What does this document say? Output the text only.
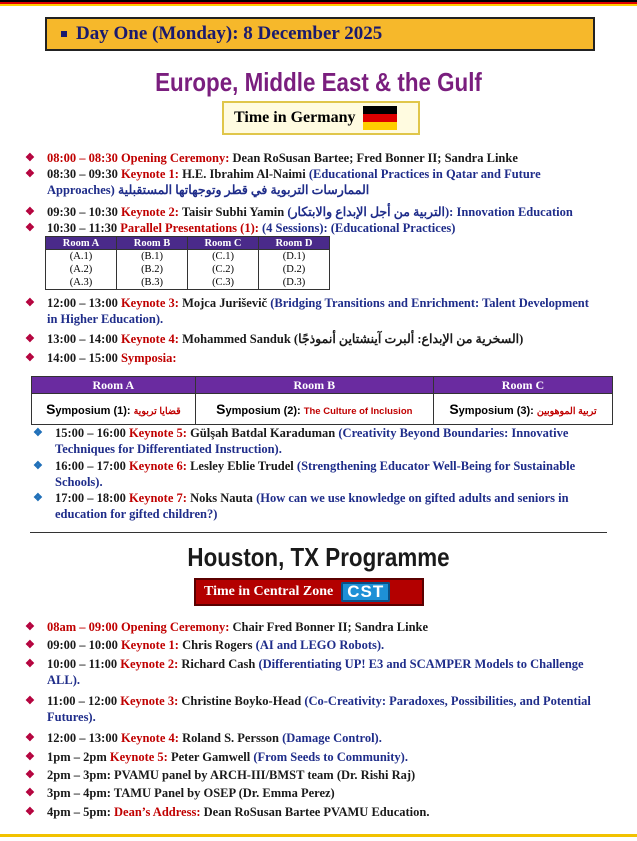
Day One (Monday): 8 December 2025
Europe, Middle East & the Gulf
Time in Germany
❖ 08:00 – 08:30 Opening Ceremony: Dean RoSusan Bartee; Fred Bonner II; Sandra Linke
❖ 08:30 – 09:30 Keynote 1: H.E. Ibrahim Al-Naimi (Educational Practices in Qatar and Future Approaches) الممارسات التربوية في قطر وتوجهاتها المستقبلية
❖ 09:30 – 10:30 Keynote 2: Taisir Subhi Yamin (التربية من أجل الإبداع والابتكار): Innovation Education
❖ 10:30 – 11:30 Parallel Presentations (1): (4 Sessions): (Educational Practices)
Room A	Room B	Room C	Room D
(A.1)	(B.1)	(C.1)	(D.1)
(A.2)	(B.2)	(C.2)	(D.2)
(A.3)	(B.3)	(C.3)	(D.3)
❖ 12:00 – 13:00 Keynote 3: Mojca Juriševič (Bridging Transitions and Enrichment: Talent Development in Higher Education).
❖ 13:00 – 14:00 Keynote 4: Mohammed Sanduk (السخرية من الإبداع: ألبرت آينشتاين أنموذجًا)
❖ 14:00 – 15:00 Symposia:
Room A	Room B	Room C
Symposium (1): قضايا تربوية	Symposium (2): The Culture of Inclusion	Symposium (3): تربية الموهوبين
❖ 15:00 – 16:00 Keynote 5: Gülşah Batdal Karaduman (Creativity Beyond Boundaries: Innovative Techniques for Differentiated Instruction).
❖ 16:00 – 17:00 Keynote 6: Lesley Eblie Trudel (Strengthening Educator Well-Being for Sustainable Schools).
❖ 17:00 – 18:00 Keynote 7: Noks Nauta (How can we use knowledge on gifted adults and seniors in education for gifted children?)
Houston, TX Programme
Time in Central Zone CST
❖ 08am – 09:00 Opening Ceremony: Chair Fred Bonner II; Sandra Linke
❖ 09:00 – 10:00 Keynote 1: Chris Rogers (AI and LEGO Robots).
❖ 10:00 – 11:00 Keynote 2: Richard Cash (Differentiating UP! E3 and SCAMPER Models to Challenge ALL).
❖ 11:00 – 12:00 Keynote 3: Christine Boyko-Head (Co-Creativity: Paradoxes, Possibilities, and Potential Futures).
❖ 12:00 – 13:00 Keynote 4: Roland S. Persson (Damage Control).
❖ 1pm – 2pm Keynote 5: Peter Gamwell (From Seeds to Community).
❖ 2pm – 3pm: PVAMU panel by ARCH-III/BMST team (Dr. Rishi Raj)
❖ 3pm – 4pm: TAMU Panel by OSEP (Dr. Emma Perez)
❖ 4pm – 5pm: Dean’s Address: Dean RoSusan Bartee PVAMU Education.
